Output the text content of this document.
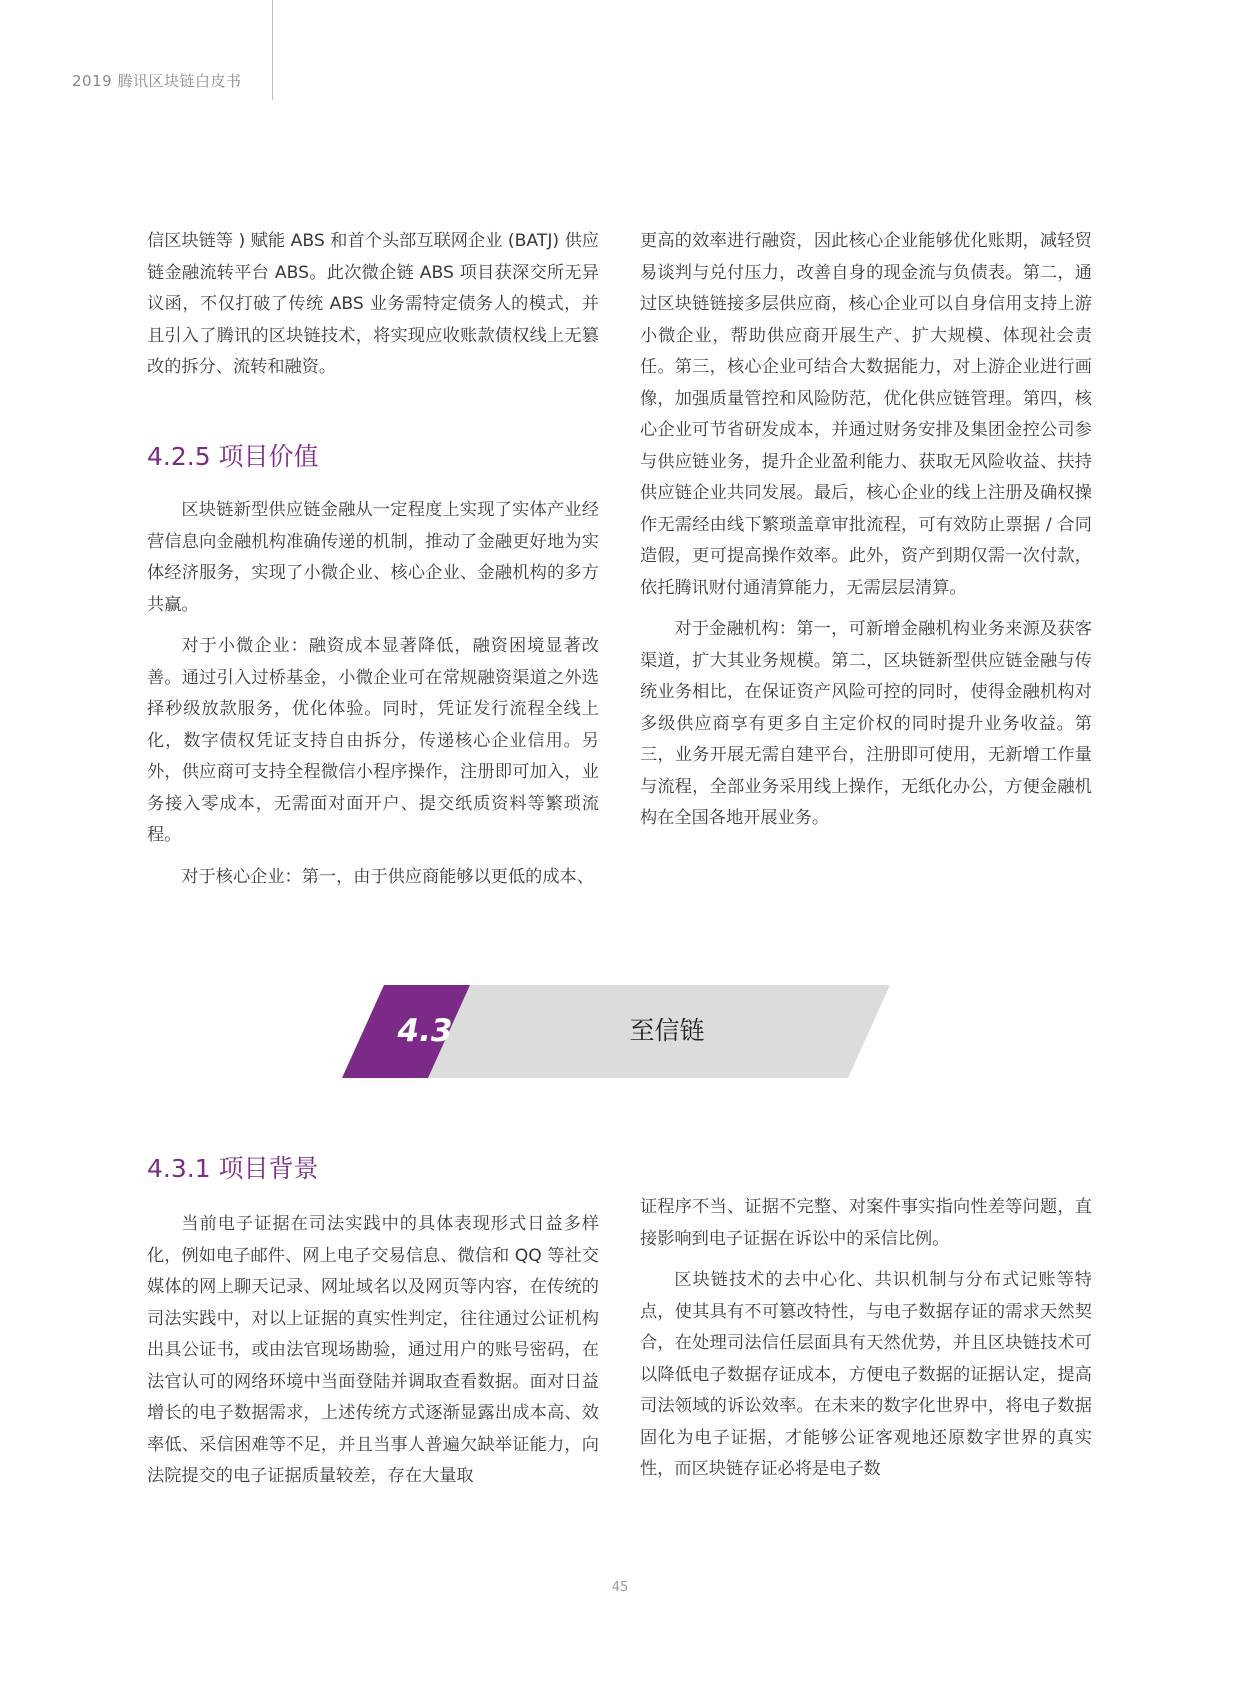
2019 腾讯区块链白皮书

信区块链等 ) 赋能 ABS 和首个头部互联网企业 (BATJ) 供应链金融流转平台 ABS。此次微企链 ABS 项目获深交所无异议函，不仅打破了传统 ABS 业务需特定债务人的模式，并且引入了腾讯的区块链技术，将实现应收账款债权线上无篡改的拆分、流转和融资。

4.2.5 项目价值

区块链新型供应链金融从一定程度上实现了实体产业经营信息向金融机构准确传递的机制，推动了金融更好地为实体经济服务，实现了小微企业、核心企业、金融机构的多方共赢。

对于小微企业：融资成本显著降低，融资困境显著改善。通过引入过桥基金，小微企业可在常规融资渠道之外选择秒级放款服务，优化体验。同时，凭证发行流程全线上化，数字债权凭证支持自由拆分，传递核心企业信用。另外，供应商可支持全程微信小程序操作，注册即可加入，业务接入零成本，无需面对面开户、提交纸质资料等繁琐流程。

对于核心企业：第一，由于供应商能够以更低的成本、

更高的效率进行融资，因此核心企业能够优化账期，减轻贸易谈判与兑付压力，改善自身的现金流与负债表。第二，通过区块链链接多层供应商，核心企业可以自身信用支持上游小微企业，帮助供应商开展生产、扩大规模、体现社会责任。第三，核心企业可结合大数据能力，对上游企业进行画像，加强质量管控和风险防范，优化供应链管理。第四，核心企业可节省研发成本，并通过财务安排及集团金控公司参与供应链业务，提升企业盈利能力、获取无风险收益、扶持供应链企业共同发展。最后，核心企业的线上注册及确权操作无需经由线下繁琐盖章审批流程，可有效防止票据 / 合同造假，更可提高操作效率。此外，资产到期仅需一次付款，依托腾讯财付通清算能力，无需层层清算。

对于金融机构：第一，可新增金融机构业务来源及获客渠道，扩大其业务规模。第二，区块链新型供应链金融与传统业务相比，在保证资产风险可控的同时，使得金融机构对多级供应商享有更多自主定价权的同时提升业务收益。第三，业务开展无需自建平台，注册即可使用，无新增工作量与流程，全部业务采用线上操作，无纸化办公，方便金融机构在全国各地开展业务。

4.3	至信链
4.3.1 项目背景

当前电子证据在司法实践中的具体表现形式日益多样化，例如电子邮件、网上电子交易信息、微信和 QQ 等社交媒体的网上聊天记录、网址域名以及网页等内容，在传统的司法实践中，对以上证据的真实性判定，往往通过公证机构出具公证书，或由法官现场勘验，通过用户的账号密码，在法官认可的网络环境中当面登陆并调取查看数据。面对日益增长的电子数据需求，上述传统方式逐渐显露出成本高、效率低、采信困难等不足，并且当事人普遍欠缺举证能力，向法院提交的电子证据质量较差，存在大量取

证程序不当、证据不完整、对案件事实指向性差等问题，直接影响到电子证据在诉讼中的采信比例。

区块链技术的去中心化、共识机制与分布式记账等特点，使其具有不可篡改特性，与电子数据存证的需求天然契合，在处理司法信任层面具有天然优势，并且区块链技术可以降低电子数据存证成本，方便电子数据的证据认定，提高司法领域的诉讼效率。在未来的数字化世界中，将电子数据固化为电子证据，才能够公证客观地还原数字世界的真实性，而区块链存证必将是电子数

45
